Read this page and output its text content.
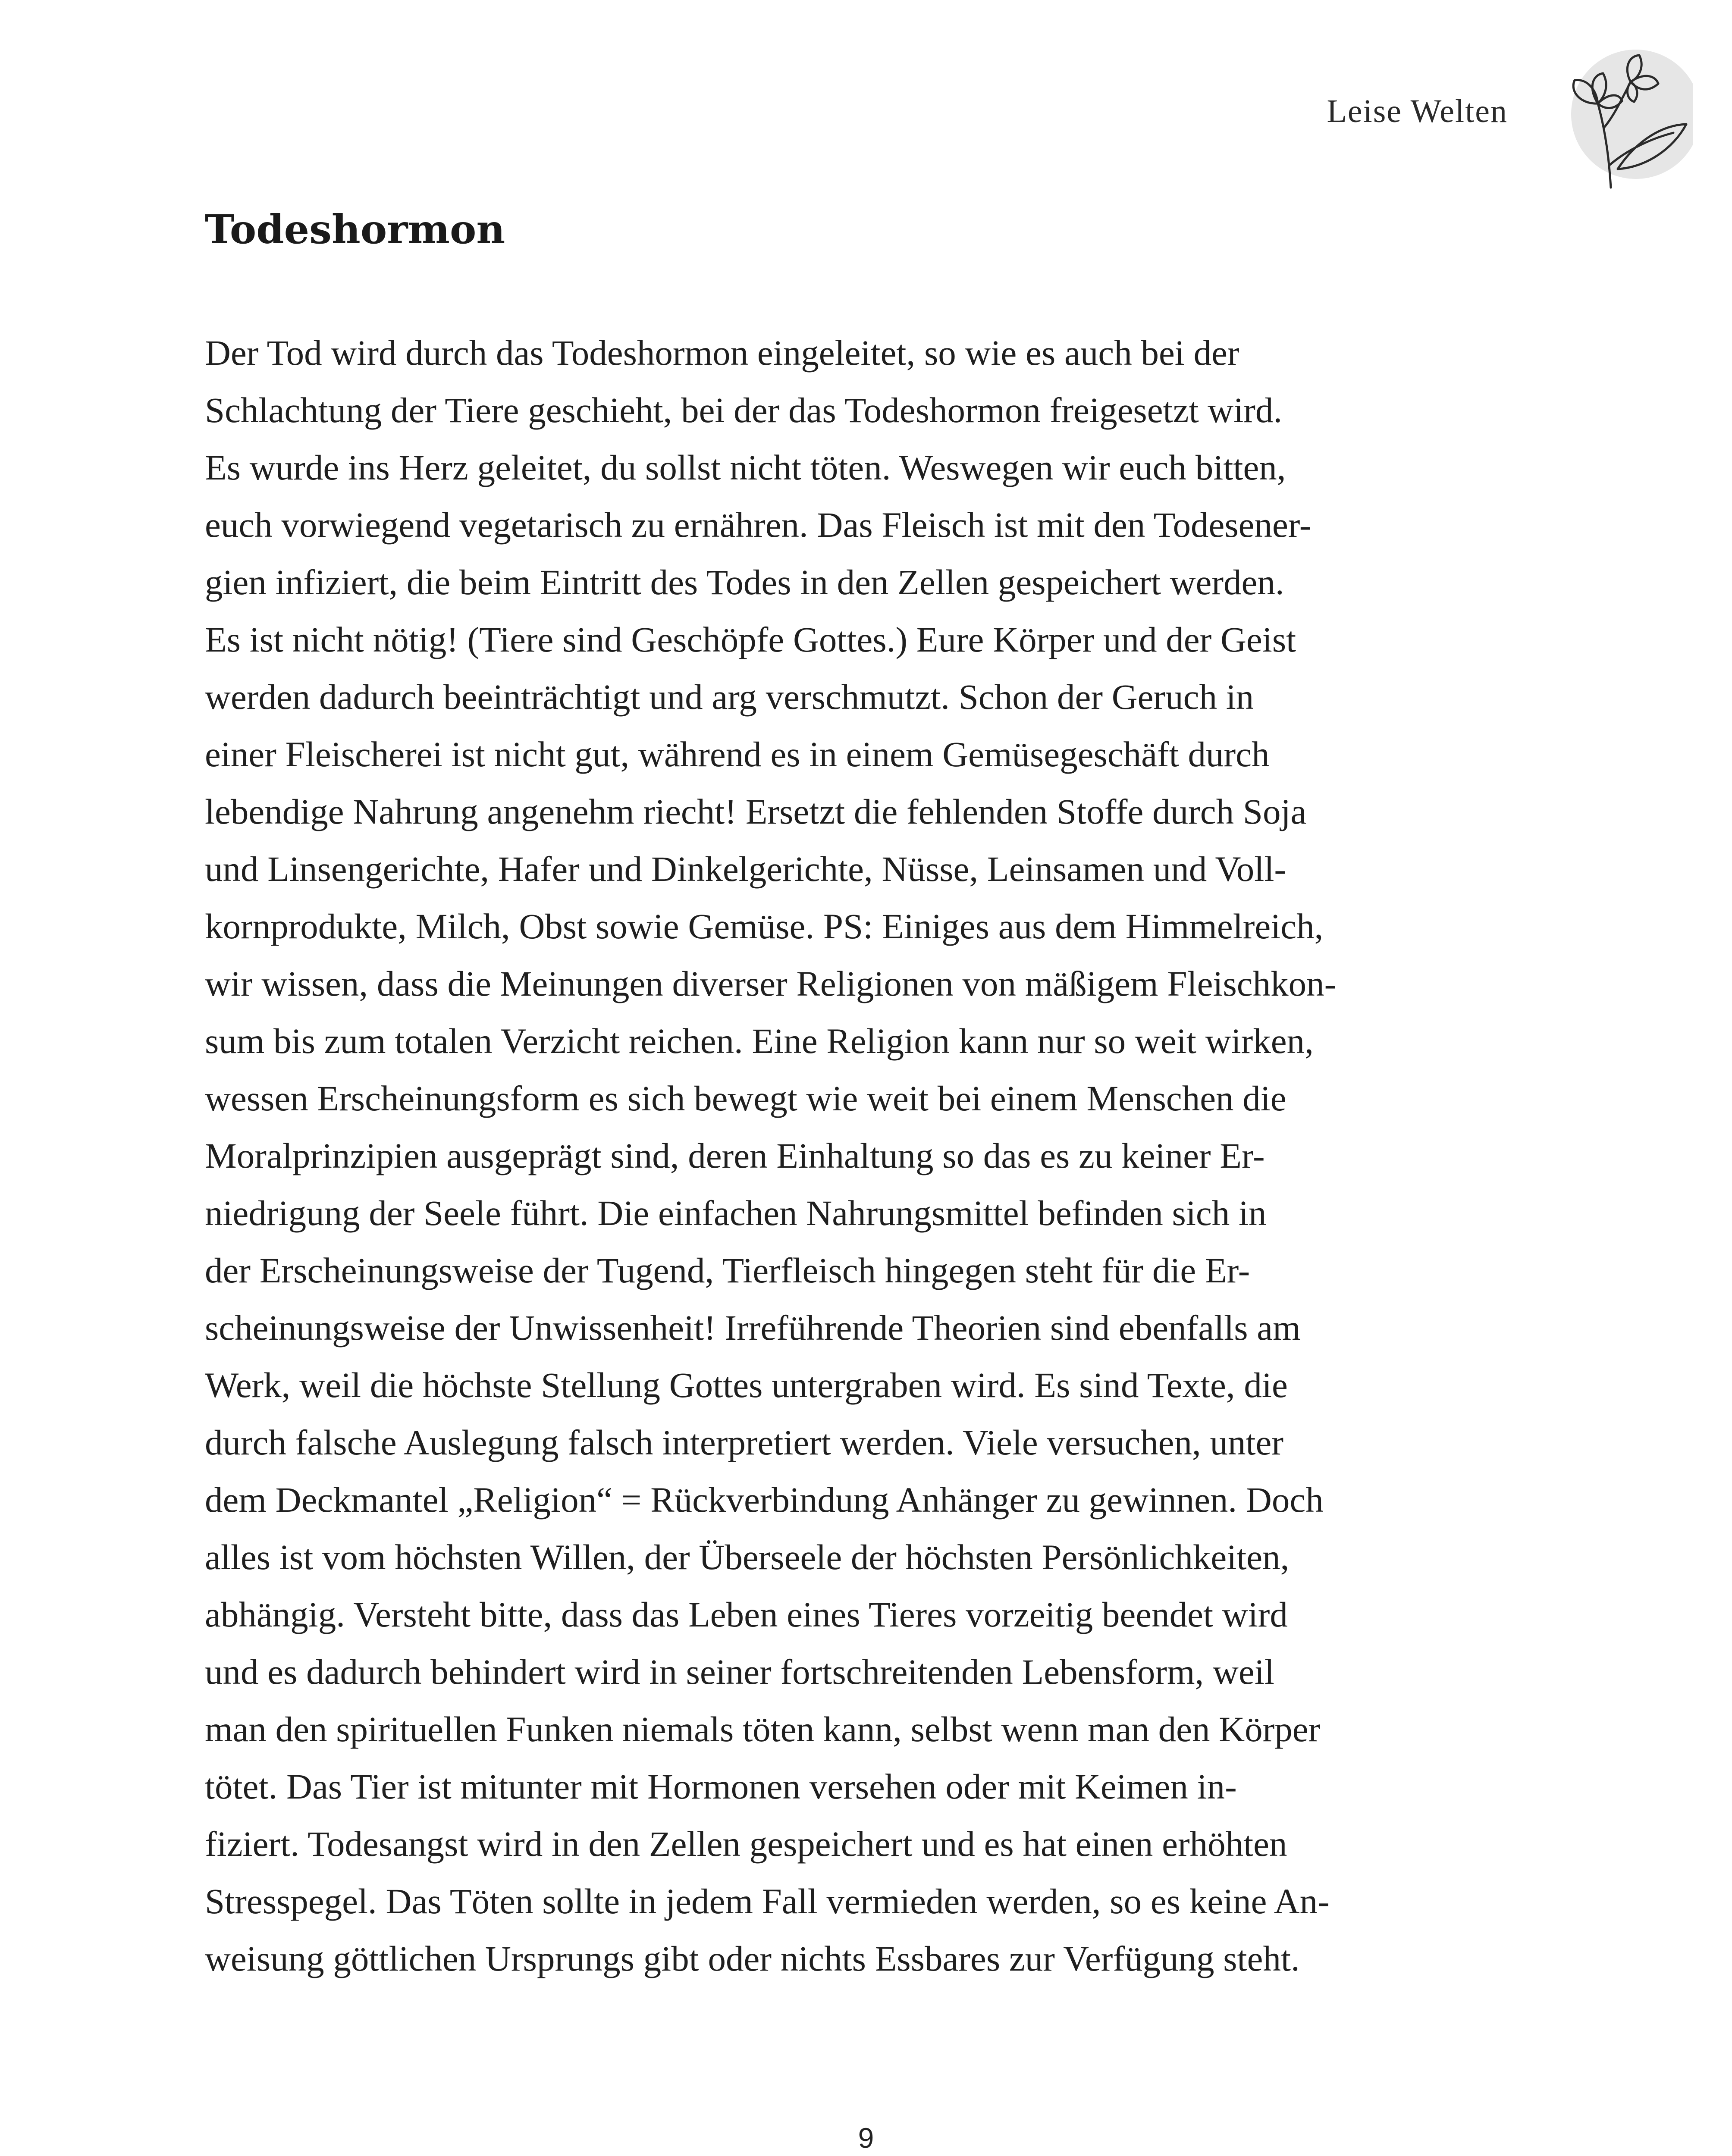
Leise Welten
Todeshormon
Der Tod wird durch das Todeshormon eingeleitet, so wie es auch bei der
Schlachtung der Tiere geschieht, bei der das Todeshormon freigesetzt wird.
Es wurde ins Herz geleitet, du sollst nicht töten. Weswegen wir euch bitten,
euch vorwiegend vegetarisch zu ernähren. Das Fleisch ist mit den Todesener-
gien infiziert, die beim Eintritt des Todes in den Zellen gespeichert werden.
Es ist nicht nötig! (Tiere sind Geschöpfe Gottes.) Eure Körper und der Geist
werden dadurch beeinträchtigt und arg verschmutzt. Schon der Geruch in
einer Fleischerei ist nicht gut, während es in einem Gemüsegeschäft durch
lebendige Nahrung angenehm riecht! Ersetzt die fehlenden Stoffe durch Soja
und Linsengerichte, Hafer und Dinkelgerichte, Nüsse, Leinsamen und Voll-
kornprodukte, Milch, Obst sowie Gemüse. PS: Einiges aus dem Himmelreich,
wir wissen, dass die Meinungen diverser Religionen von mäßigem Fleischkon-
sum bis zum totalen Verzicht reichen. Eine Religion kann nur so weit wirken,
wessen Erscheinungsform es sich bewegt wie weit bei einem Menschen die
Moralprinzipien ausgeprägt sind, deren Einhaltung so das es zu keiner Er-
niedrigung der Seele führt. Die einfachen Nahrungsmittel befinden sich in
der Erscheinungsweise der Tugend, Tierfleisch hingegen steht für die Er-
scheinungsweise der Unwissenheit! Irreführende Theorien sind ebenfalls am
Werk, weil die höchste Stellung Gottes untergraben wird. Es sind Texte, die
durch falsche Auslegung falsch interpretiert werden. Viele versuchen, unter
dem Deckmantel „Religion“ = Rückverbindung Anhänger zu gewinnen. Doch
alles ist vom höchsten Willen, der Überseele der höchsten Persönlichkeiten,
abhängig. Versteht bitte, dass das Leben eines Tieres vorzeitig beendet wird
und es dadurch behindert wird in seiner fortschreitenden Lebensform, weil
man den spirituellen Funken niemals töten kann, selbst wenn man den Körper
tötet. Das Tier ist mitunter mit Hormonen versehen oder mit Keimen in-
fiziert. Todesangst wird in den Zellen gespeichert und es hat einen erhöhten
Stresspegel. Das Töten sollte in jedem Fall vermieden werden, so es keine An-
weisung göttlichen Ursprungs gibt oder nichts Essbares zur Verfügung steht.
9
